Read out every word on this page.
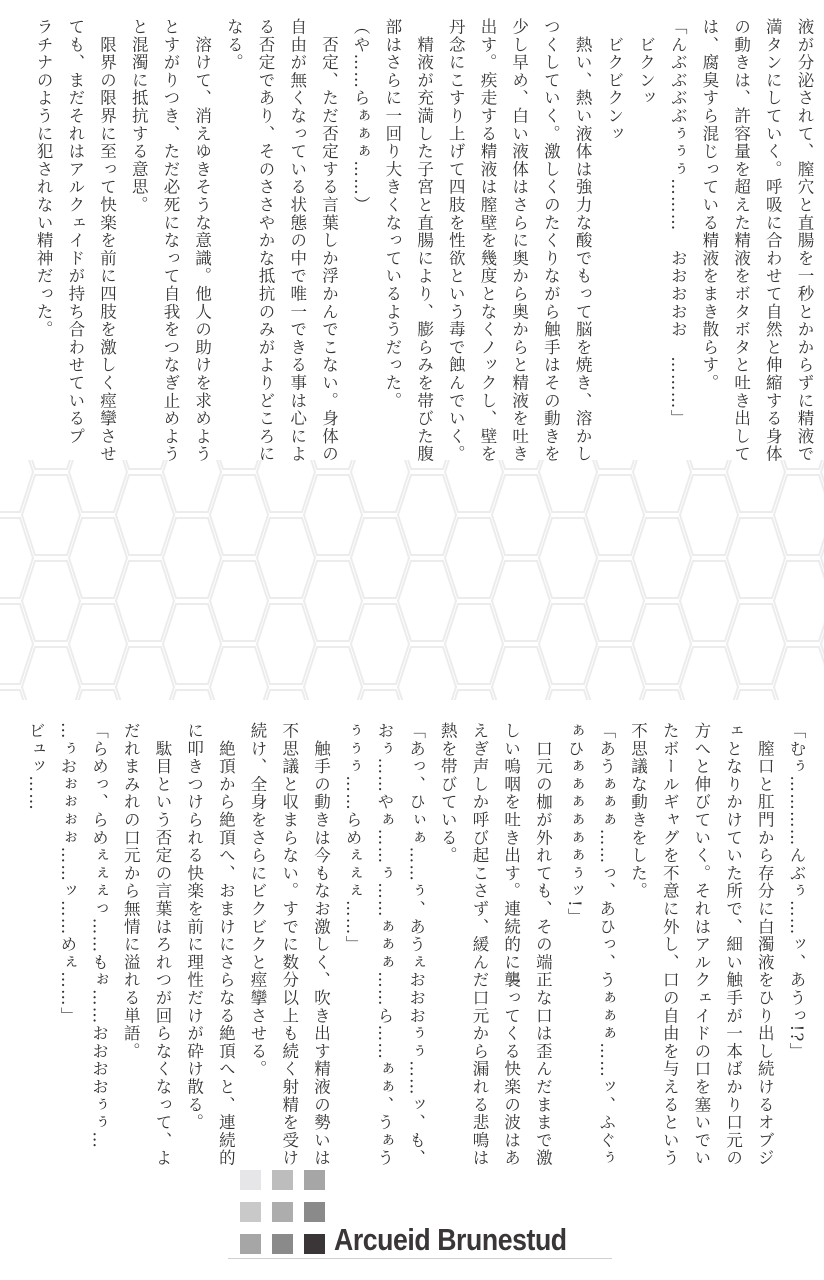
液が分泌されて、膣穴と直腸を一秒とかからずに精液で
満タンにしていく。呼吸に合わせて自然と伸縮する身体
の動きは、許容量を超えた精液をボタボタと吐き出して
は、腐臭すら混じっている精液をまき散らす。
「んぶぶぶぶぅぅぅ………　おおおおお　………」
　ビクンッ
　ビクビクンッ
　熱い、熱い液体は強力な酸でもって脳を焼き、溶かし
つくしていく。激しくのたくりながら触手はその動きを
少し早め、白い液体はさらに奥から奥からと精液を吐き
出す。疾走する精液は膣壁を幾度となくノックし、壁を
丹念にこすり上げて四肢を性欲という毒で蝕んでいく。
　精液が充満した子宮と直腸により、膨らみを帯びた腹
部はさらに一回り大きくなっているようだった。
（や……らぁぁぁ……）
　否定、ただ否定する言葉しか浮かんでこない。身体の
自由が無くなっている状態の中で唯一できる事は心によ
る否定であり、そのささやかな抵抗のみがよりどころに
なる。
　溶けて、消えゆきそうな意識。他人の助けを求めよう
とすがりつき、ただ必死になって自我をつなぎ止めよう
と混濁に抵抗する意思。
　限界の限界に至って快楽を前に四肢を激しく痙攣させ
ても、まだそれはアルクェイドが持ち合わせているプ
ラチナのように犯されない精神だった。
「むぅ…………んぶぅ……ッ、あうっ!?」
　膣口と肛門から存分に白濁液をひり出し続けるオブジ
ェとなりかけていた所で、細い触手が一本ばかり口元の
方へと伸びていく。それはアルクェイドの口を塞いでい
たボールギャグを不意に外し、口の自由を与えるという
不思議な動きをした。
「あうぁぁぁ……っ、あひっ、うぁぁぁ……ッ、ふぐぅ
ぁひぁぁぁぁぁぁぅッ!」
　口元の枷が外れても、その端正な口は歪んだままで激
しい嗚咽を吐き出す。連続的に襲ってくる快楽の波はあ
えぎ声しか呼び起こさず、緩んだ口元から漏れる悲鳴は
熱を帯びている。
「あっ、ひぃぁ……ぅ、あうぇおおおぅぅ……ッ、も、
おぅ……やぁ……ぅ……ぁぁぁ……ら……ぁぁ、うぁう
ぅぅぅ……らめぇぇぇ……」
　触手の動きは今もなお激しく、吹き出す精液の勢いは
不思議と収まらない。すでに数分以上も続く射精を受け
続け、全身をさらにビクビクと痙攣させる。
　絶頂から絶頂へ、おまけにさらなる絶頂へと、連続的
に叩きつけられる快楽を前に理性だけが砕け散る。
　駄目という否定の言葉はろれつが回らなくなって、よ
だれまみれの口元から無情に溢れる単語。
「らめっ、らめぇぇぇっ……もぉ……おおおおぅぅ…
…ぅおぉぉぉぉ……ッ……めぇ……」
ビュッ……
Arcueid Brunestud
